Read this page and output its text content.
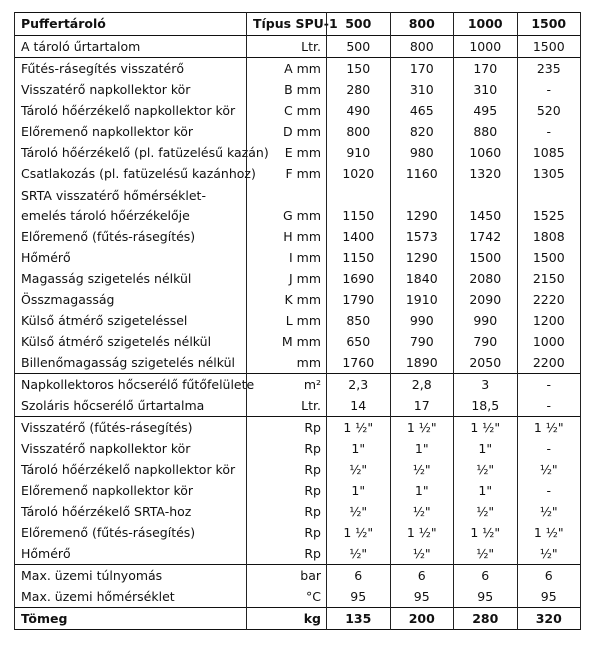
Puffertároló	Típus SPU-1	500	800	1000	1500
A tároló űrtartalom	Ltr.	500	800	1000	1500
Fűtés-rásegítés visszatérő	A mm	150	170	170	235
Visszatérő napkollektor kör	B mm	280	310	310	-
Tároló hőérzékelő napkollektor kör	C mm	490	465	495	520
Előremenő napkollektor kör	D mm	800	820	880	-
Tároló hőérzékelő (pl. fatüzelésű kazán)	E mm	910	980	1060	1085
Csatlakozás (pl. fatüzelésű kazánhoz)	F mm	1020	1160	1320	1305

SRTA visszatérő hőmérséklet-
emelés tároló hőérzékelője	G mm	1150	1290	1450	1525
Előremenő (fűtés-rásegítés)	H mm	1400	1573	1742	1808
Hőmérő	I mm	1150	1290	1500	1500
Magasság szigetelés nélkül	J mm	1690	1840	2080	2150
Összmagasság	K mm	1790	1910	2090	2220
Külső átmérő szigeteléssel	L mm	850	990	990	1200
Külső átmérő szigetelés nélkül	M mm	650	790	790	1000
Billenőmagasság szigetelés nélkül	mm	1760	1890	2050	2200
Napkollektoros hőcserélő fűtőfelülete	m²	2,3	2,8	3	-
Szoláris hőcserélő űrtartalma	Ltr.	14	17	18,5	-
Visszatérő (fűtés-rásegítés)	Rp	1 ½"	1 ½"	1 ½"	1 ½"
Visszatérő napkollektor kör	Rp	1"	1"	1"	-
Tároló hőérzékelő napkollektor kör	Rp	½"	½"	½"	½"
Előremenő napkollektor kör	Rp	1"	1"	1"	-
Tároló hőérzékelő SRTA-hoz	Rp	½"	½"	½"	½"
Előremenő (fűtés-rásegítés)	Rp	1 ½"	1 ½"	1 ½"	1 ½"
Hőmérő	Rp	½"	½"	½"	½"
Max. üzemi túlnyomás	bar	6	6	6	6
Max. üzemi hőmérséklet	°C	95	95	95	95
Tömeg	kg	135	200	280	320
